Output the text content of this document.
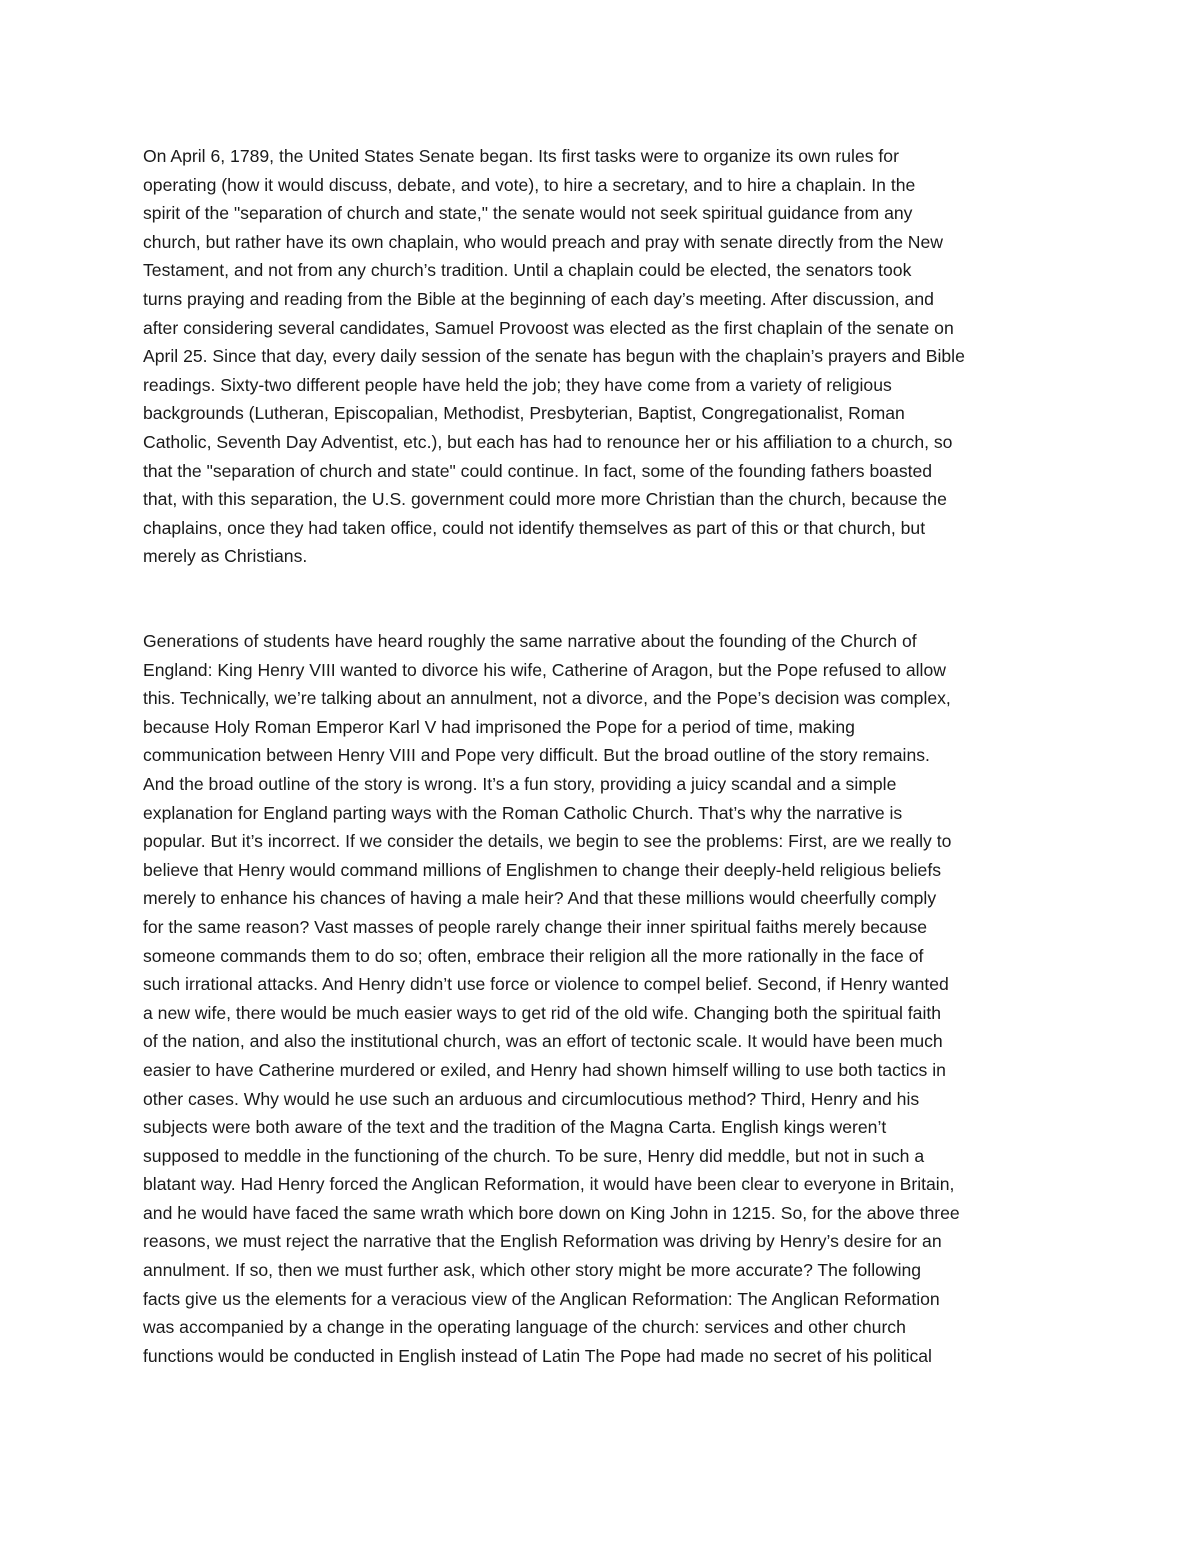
On April 6, 1789, the United States Senate began. Its first tasks were to organize its own rules for
operating (how it would discuss, debate, and vote), to hire a secretary, and to hire a chaplain. In the
spirit of the "separation of church and state," the senate would not seek spiritual guidance from any
church, but rather have its own chaplain, who would preach and pray with senate directly from the New
Testament, and not from any church’s tradition. Until a chaplain could be elected, the senators took
turns praying and reading from the Bible at the beginning of each day’s meeting. After discussion, and
after considering several candidates, Samuel Provoost was elected as the first chaplain of the senate on
April 25. Since that day, every daily session of the senate has begun with the chaplain’s prayers and Bible
readings. Sixty-two different people have held the job; they have come from a variety of religious
backgrounds (Lutheran, Episcopalian, Methodist, Presbyterian, Baptist, Congregationalist, Roman
Catholic, Seventh Day Adventist, etc.), but each has had to renounce her or his affiliation to a church, so
that the "separation of church and state" could continue. In fact, some of the founding fathers boasted
that, with this separation, the U.S. government could more more Christian than the church, because the
chaplains, once they had taken office, could not identify themselves as part of this or that church, but
merely as Christians.
Generations of students have heard roughly the same narrative about the founding of the Church of
England: King Henry VIII wanted to divorce his wife, Catherine of Aragon, but the Pope refused to allow
this. Technically, we’re talking about an annulment, not a divorce, and the Pope’s decision was complex,
because Holy Roman Emperor Karl V had imprisoned the Pope for a period of time, making
communication between Henry VIII and Pope very difficult. But the broad outline of the story remains.
And the broad outline of the story is wrong. It’s a fun story, providing a juicy scandal and a simple
explanation for England parting ways with the Roman Catholic Church. That’s why the narrative is
popular. But it’s incorrect. If we consider the details, we begin to see the problems: First, are we really to
believe that Henry would command millions of Englishmen to change their deeply-held religious beliefs
merely to enhance his chances of having a male heir? And that these millions would cheerfully comply
for the same reason? Vast masses of people rarely change their inner spiritual faiths merely because
someone commands them to do so; often, embrace their religion all the more rationally in the face of
such irrational attacks. And Henry didn’t use force or violence to compel belief. Second, if Henry wanted
a new wife, there would be much easier ways to get rid of the old wife. Changing both the spiritual faith
of the nation, and also the institutional church, was an effort of tectonic scale. It would have been much
easier to have Catherine murdered or exiled, and Henry had shown himself willing to use both tactics in
other cases. Why would he use such an arduous and circumlocutious method? Third, Henry and his
subjects were both aware of the text and the tradition of the Magna Carta. English kings weren’t
supposed to meddle in the functioning of the church. To be sure, Henry did meddle, but not in such a
blatant way. Had Henry forced the Anglican Reformation, it would have been clear to everyone in Britain,
and he would have faced the same wrath which bore down on King John in 1215. So, for the above three
reasons, we must reject the narrative that the English Reformation was driving by Henry’s desire for an
annulment. If so, then we must further ask, which other story might be more accurate? The following
facts give us the elements for a veracious view of the Anglican Reformation: The Anglican Reformation
was accompanied by a change in the operating language of the church: services and other church
functions would be conducted in English instead of Latin The Pope had made no secret of his political
